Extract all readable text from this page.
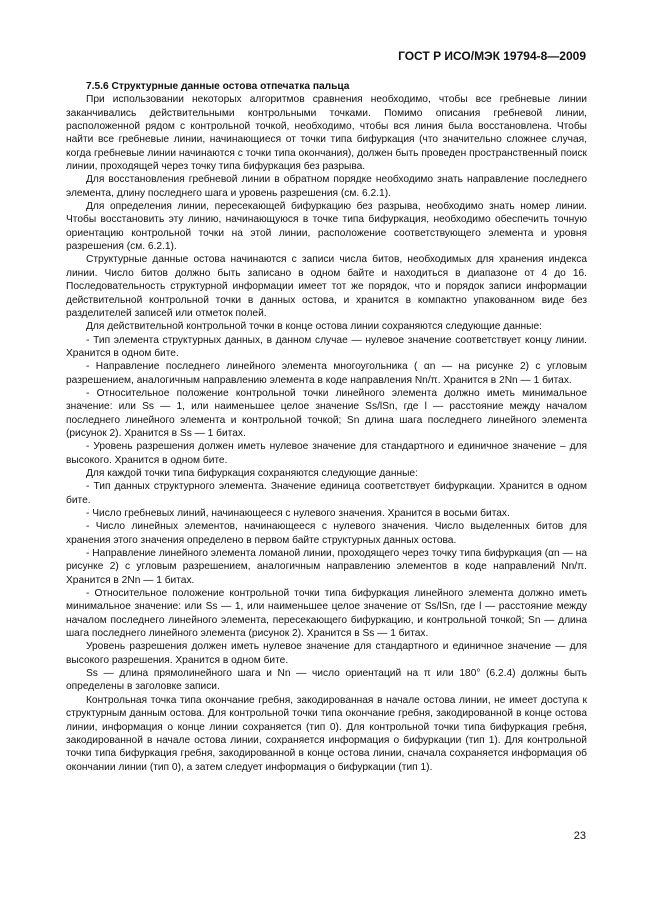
ГОСТ Р ИСО/МЭК 19794-8—2009
7.5.6 Структурные данные остова отпечатка пальца

При использовании некоторых алгоритмов сравнения необходимо, чтобы все гребневые линии заканчивались действительными контрольными точками. Помимо описания гребневой линии, расположенной рядом с контрольной точкой, необходимо, чтобы вся линия была восстановлена. Чтобы найти все гребневые линии, начинающиеся от точки типа бифуркация (что значительно сложнее случая, когда гребневые линии начинаются с точки типа окончания), должен быть проведен пространственный поиск линии, проходящей через точку типа бифуркация без разрыва.

Для восстановления гребневой линии в обратном порядке необходимо знать направление последнего элемента, длину последнего шага и уровень разрешения (см. 6.2.1).

Для определения линии, пересекающей бифуркацию без разрыва, необходимо знать номер линии. Чтобы восстановить эту линию, начинающуюся в точке типа бифуркация, необходимо обеспечить точную ориентацию контрольной точки на этой линии, расположение соответствующего элемента и уровня разрешения (см. 6.2.1).

Структурные данные остова начинаются с записи числа битов, необходимых для хранения индекса линии. Число битов должно быть записано в одном байте и находиться в диапазоне от 4 до 16. Последовательность структурной информации имеет тот же порядок, что и порядок записи информации действительной контрольной точки в данных остова, и хранится в компактно упакованном виде без разделителей записей или отметок полей.

Для действительной контрольной точки в конце остова линии сохраняются следующие данные:

- Тип элемента структурных данных, в данном случае — нулевое значение соответствует концу линии. Хранится в одном бите.

- Направление последнего линейного элемента многоугольника ( αn — на рисунке 2) с угловым разрешением, аналогичным направлению элемента в коде направления Nn/π. Хранится в 2Nn — 1 битах.

- Относительное положение контрольной точки линейного элемента должно иметь минимальное значение: или Ss — 1, или наименьшее целое значение Ss/lSn, где l — расстояние между началом последнего линейного элемента и контрольной точкой; Sn длина шага последнего линейного элемента (рисунок 2). Хранится в Ss — 1 битах.

- Уровень разрешения должен иметь нулевое значение для стандартного и единичное значение – для высокого. Хранится в одном бите.

Для каждой точки типа бифуркация сохраняются следующие данные:

- Тип данных структурного элемента. Значение единица соответствует бифуркации. Хранится в одном бите.

- Число гребневых линий, начинающееся с нулевого значения. Хранится в восьми битах.

- Число линейных элементов, начинающееся с нулевого значения. Число выделенных битов для хранения этого значения определено в первом байте структурных данных остова.

- Направление линейного элемента ломаной линии, проходящего через точку типа бифуркация (αn — на рисунке 2) с угловым разрешением, аналогичным направлению элементов в коде направлений Nn/π. Хранится в 2Nn — 1 битах.

- Относительное положение контрольной точки типа бифуркация линейного элемента должно иметь минимальное значение: или Ss — 1, или наименьшее целое значение от Ss/lSn, где l — расстояние между началом последнего линейного элемента, пересекающего бифуркацию, и контрольной точкой; Sn — длина шага последнего линейного элемента (рисунок 2). Хранится в Ss — 1 битах.

Уровень разрешения должен иметь нулевое значение для стандартного и единичное значение — для высокого разрешения. Хранится в одном бите.

Ss — длина прямолинейного шага и Nn — число ориентаций на π или 180° (6.2.4) должны быть определены в заголовке записи.

Контрольная точка типа окончание гребня, закодированная в начале остова линии, не имеет доступа к структурным данным остова. Для контрольной точки типа окончание гребня, закодированной в конце остова линии, информация о конце линии сохраняется (тип 0). Для контрольной точки типа бифуркация гребня, закодированной в начале остова линии, сохраняется информация о бифуркации (тип 1). Для контрольной точки типа бифуркация гребня, закодированной в конце остова линии, сначала сохраняется информация об окончании линии (тип 0), а затем следует информация о бифуркации (тип 1).

23
